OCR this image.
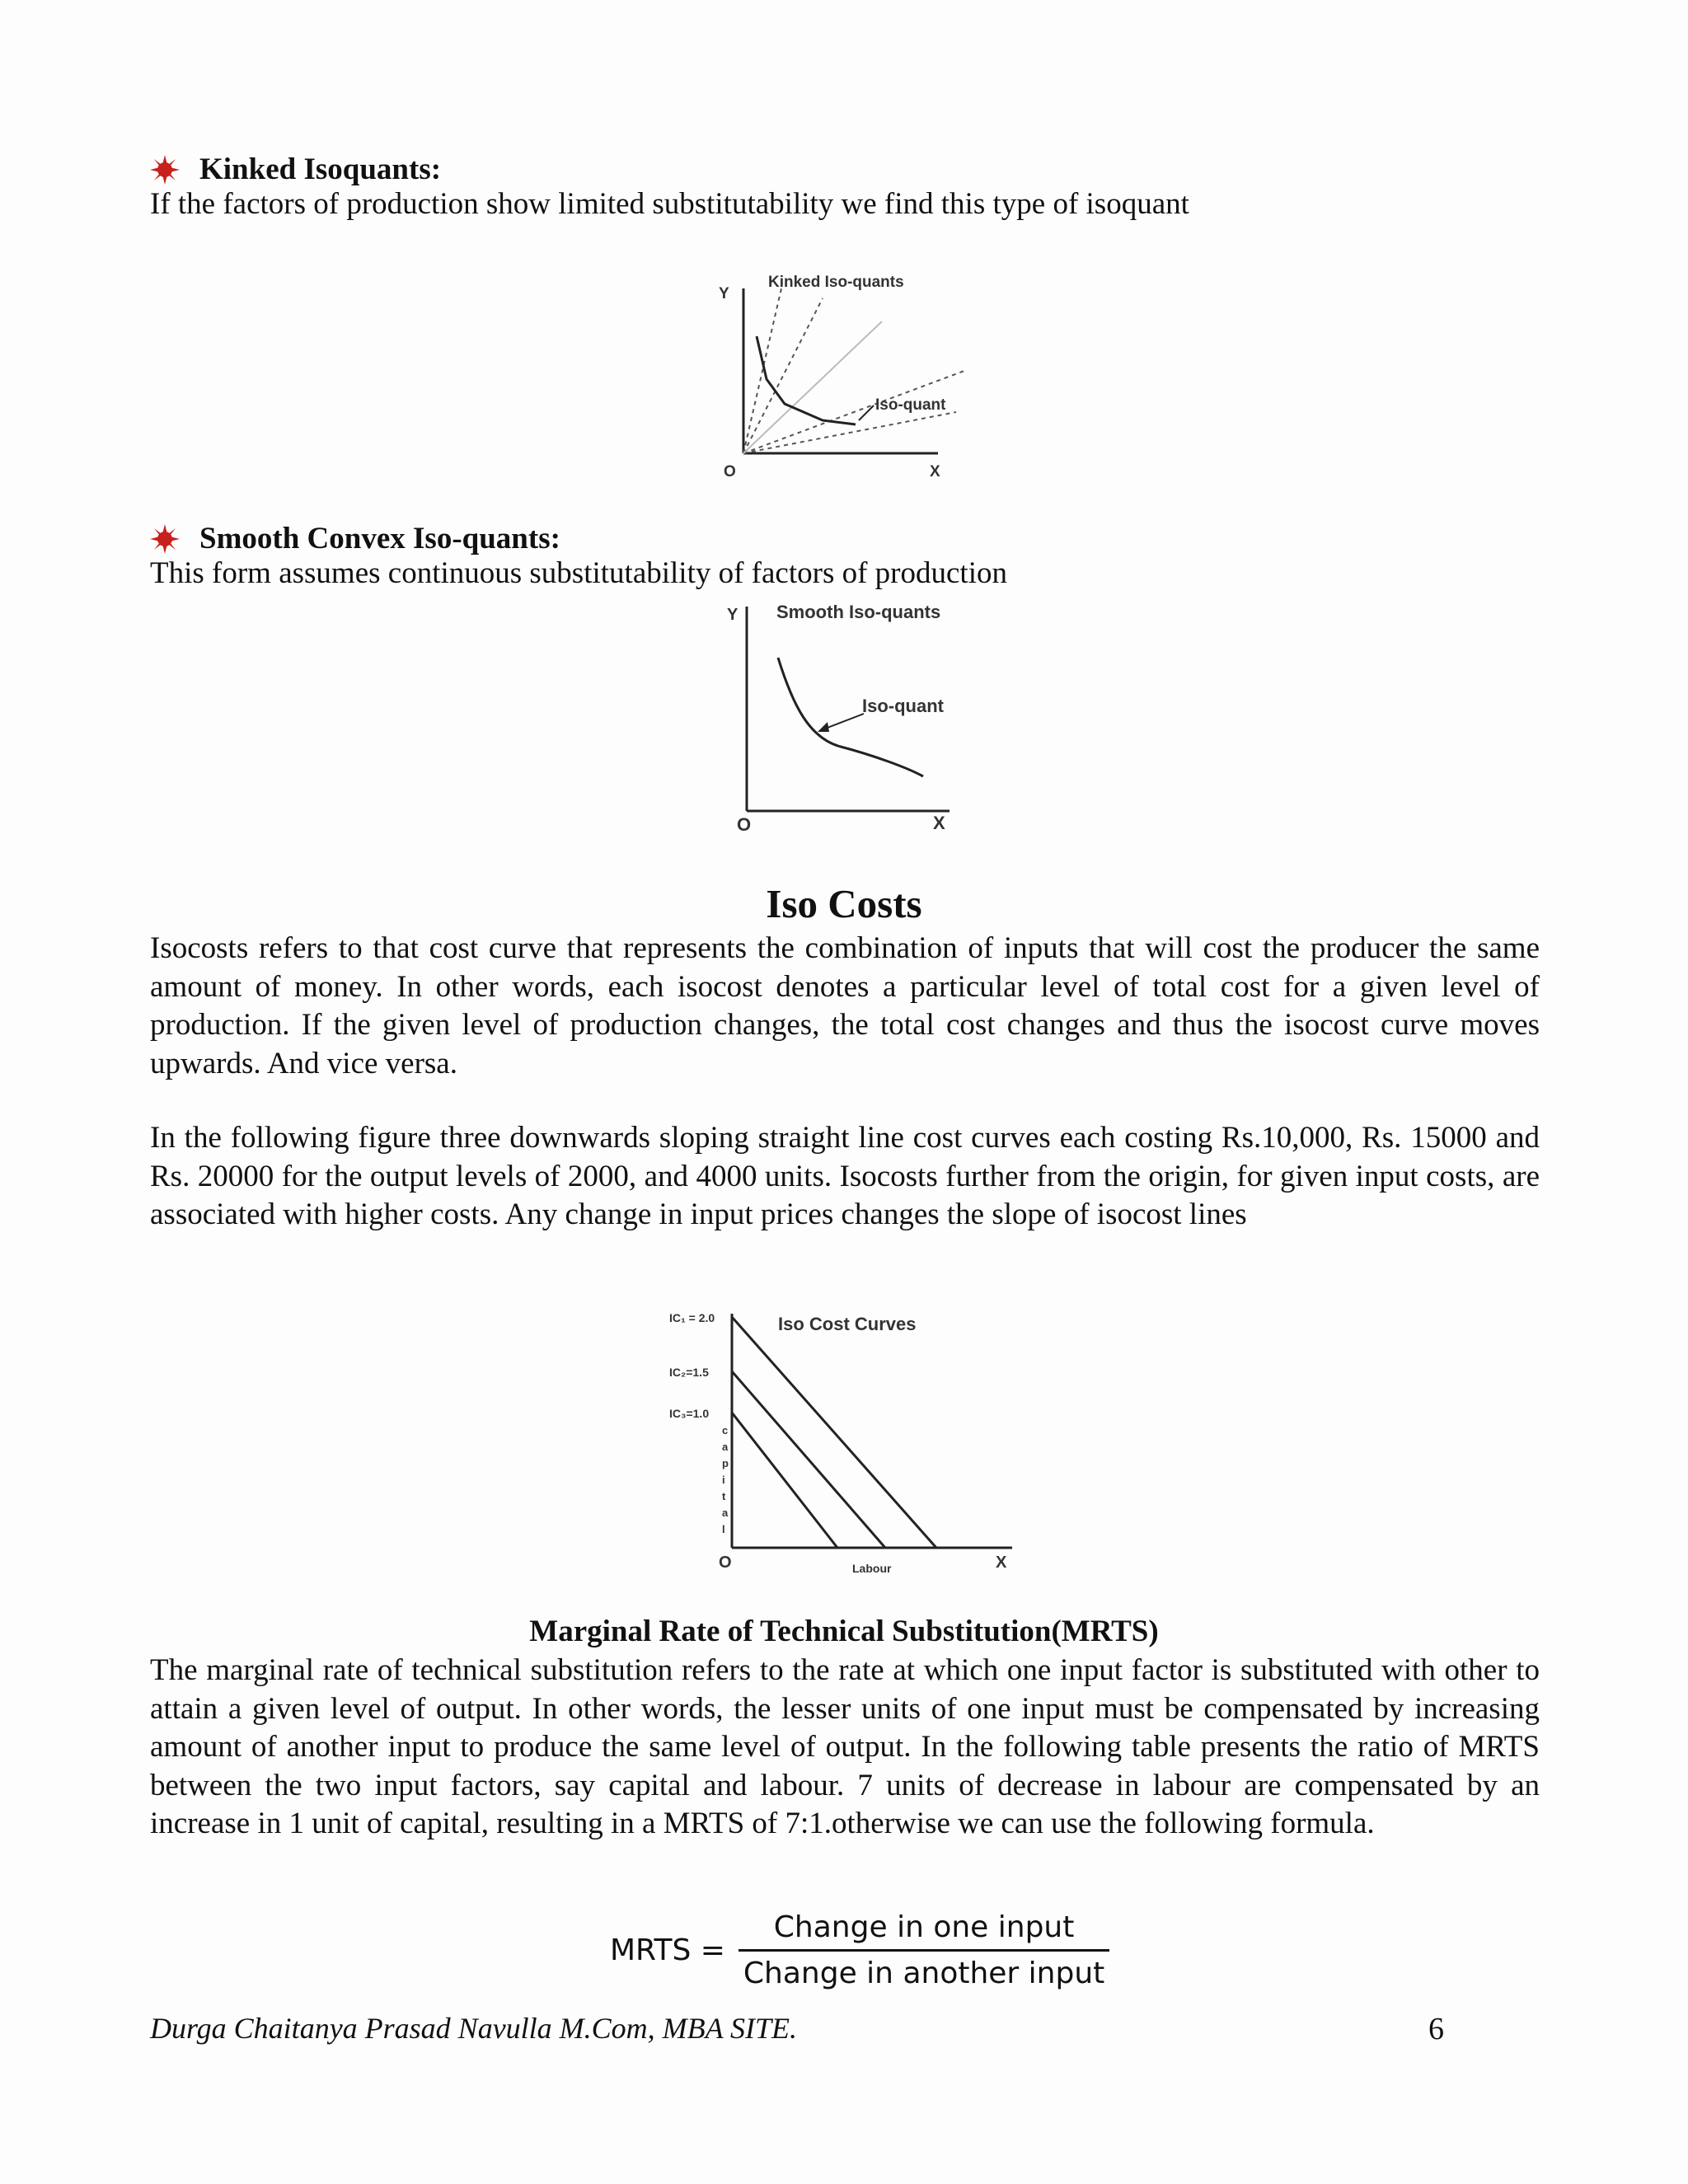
Kinked Isoquants:
If the factors of production show limited substitutability we find this type of isoquant
Kinked Iso-quants
Y
O	X
Iso-quant
Smooth Convex Iso-quants:
This form assumes continuous substitutability of factors of production
Smooth Iso-quants
Y
O	X
Iso-quant
Iso Costs

Isocosts refers to that cost curve that represents the combination of inputs that will cost the producer the same amount of money. In other words, each isocost denotes a particular level of total cost for a given level of production. If the given level of production changes, the total cost changes and thus the isocost curve moves upwards. And vice versa.

In the following figure three downwards sloping straight line cost curves each costing Rs.10,000, Rs. 15000 and Rs. 20000 for the output levels of 2000, and 4000 units. Isocosts further from the origin, for given input costs, are associated with higher costs. Any change in input prices changes the slope of isocost lines

Iso Cost Curves
IC₁ = 2.0
IC₂=1.5
IC₃=1.0
c a p i t a l
O	Labour	X
Marginal Rate of Technical Substitution(MRTS)

The marginal rate of technical substitution refers to the rate at which one input factor is substituted with other to attain a given level of output. In other words, the lesser units of one input must be compensated by increasing amount of another input to produce the same level of output. In the following table presents the ratio of MRTS between the two input factors, say capital and labour. 7 units of decrease in labour are compensated by an increase in 1 unit of capital, resulting in a MRTS of 7:1.otherwise we can use the following formula.

MRTS = $\frac{\text{Change in one input}}{\text{Change in another input}}$
Durga Chaitanya Prasad Navulla M.Com, MBA SITE.	6
